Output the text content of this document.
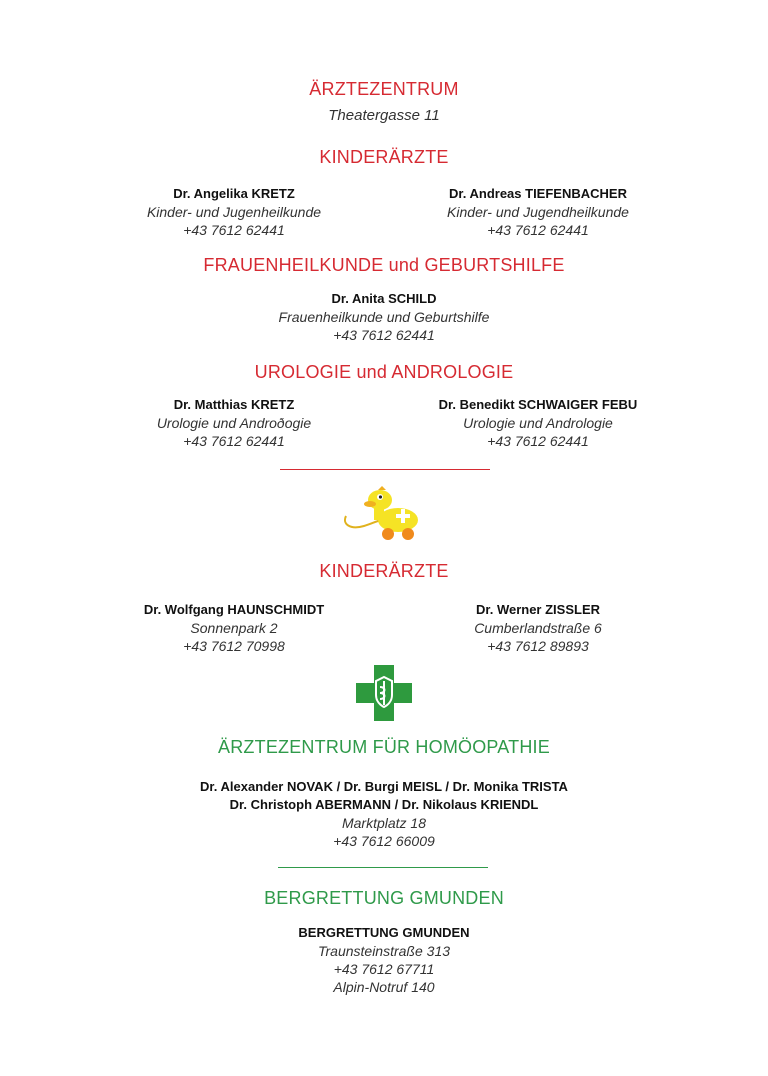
ÄRZTEZENTRUM
Theatergasse 11
KINDERÄRZTE
Dr. Angelika KRETZ
Kinder- und Jugenheilkunde
+43 7612 62441
Dr. Andreas TIEFENBACHER
Kinder- und Jugendheilkunde
+43 7612 62441
FRAUENHEILKUNDE und GEBURTSHILFE
Dr. Anita SCHILD
Frauenheilkunde und Geburtshilfe
+43 7612 62441
UROLOGIE und ANDROLOGIE
Dr. Matthias KRETZ
Urologie und Androðogie
+43 7612 62441
Dr. Benedikt SCHWAIGER FEBU
Urologie und Andrologie
+43 7612 62441
KINDERÄRZTE
Dr. Wolfgang HAUNSCHMIDT
Sonnenpark 2
+43 7612 70998
Dr. Werner ZISSLER
Cumberlandstraße 6
+43 7612 89893
ÄRZTEZENTRUM FÜR HOMÖOPATHIE
Dr. Alexander NOVAK / Dr. Burgi MEISL / Dr. Monika TRISTA
Dr. Christoph ABERMANN / Dr. Nikolaus KRIENDL
Marktplatz 18
+43 7612 66009
BERGRETTUNG GMUNDEN
BERGRETTUNG GMUNDEN
Traunsteinstraße 313
+43 7612 67711
Alpin-Notruf 140
